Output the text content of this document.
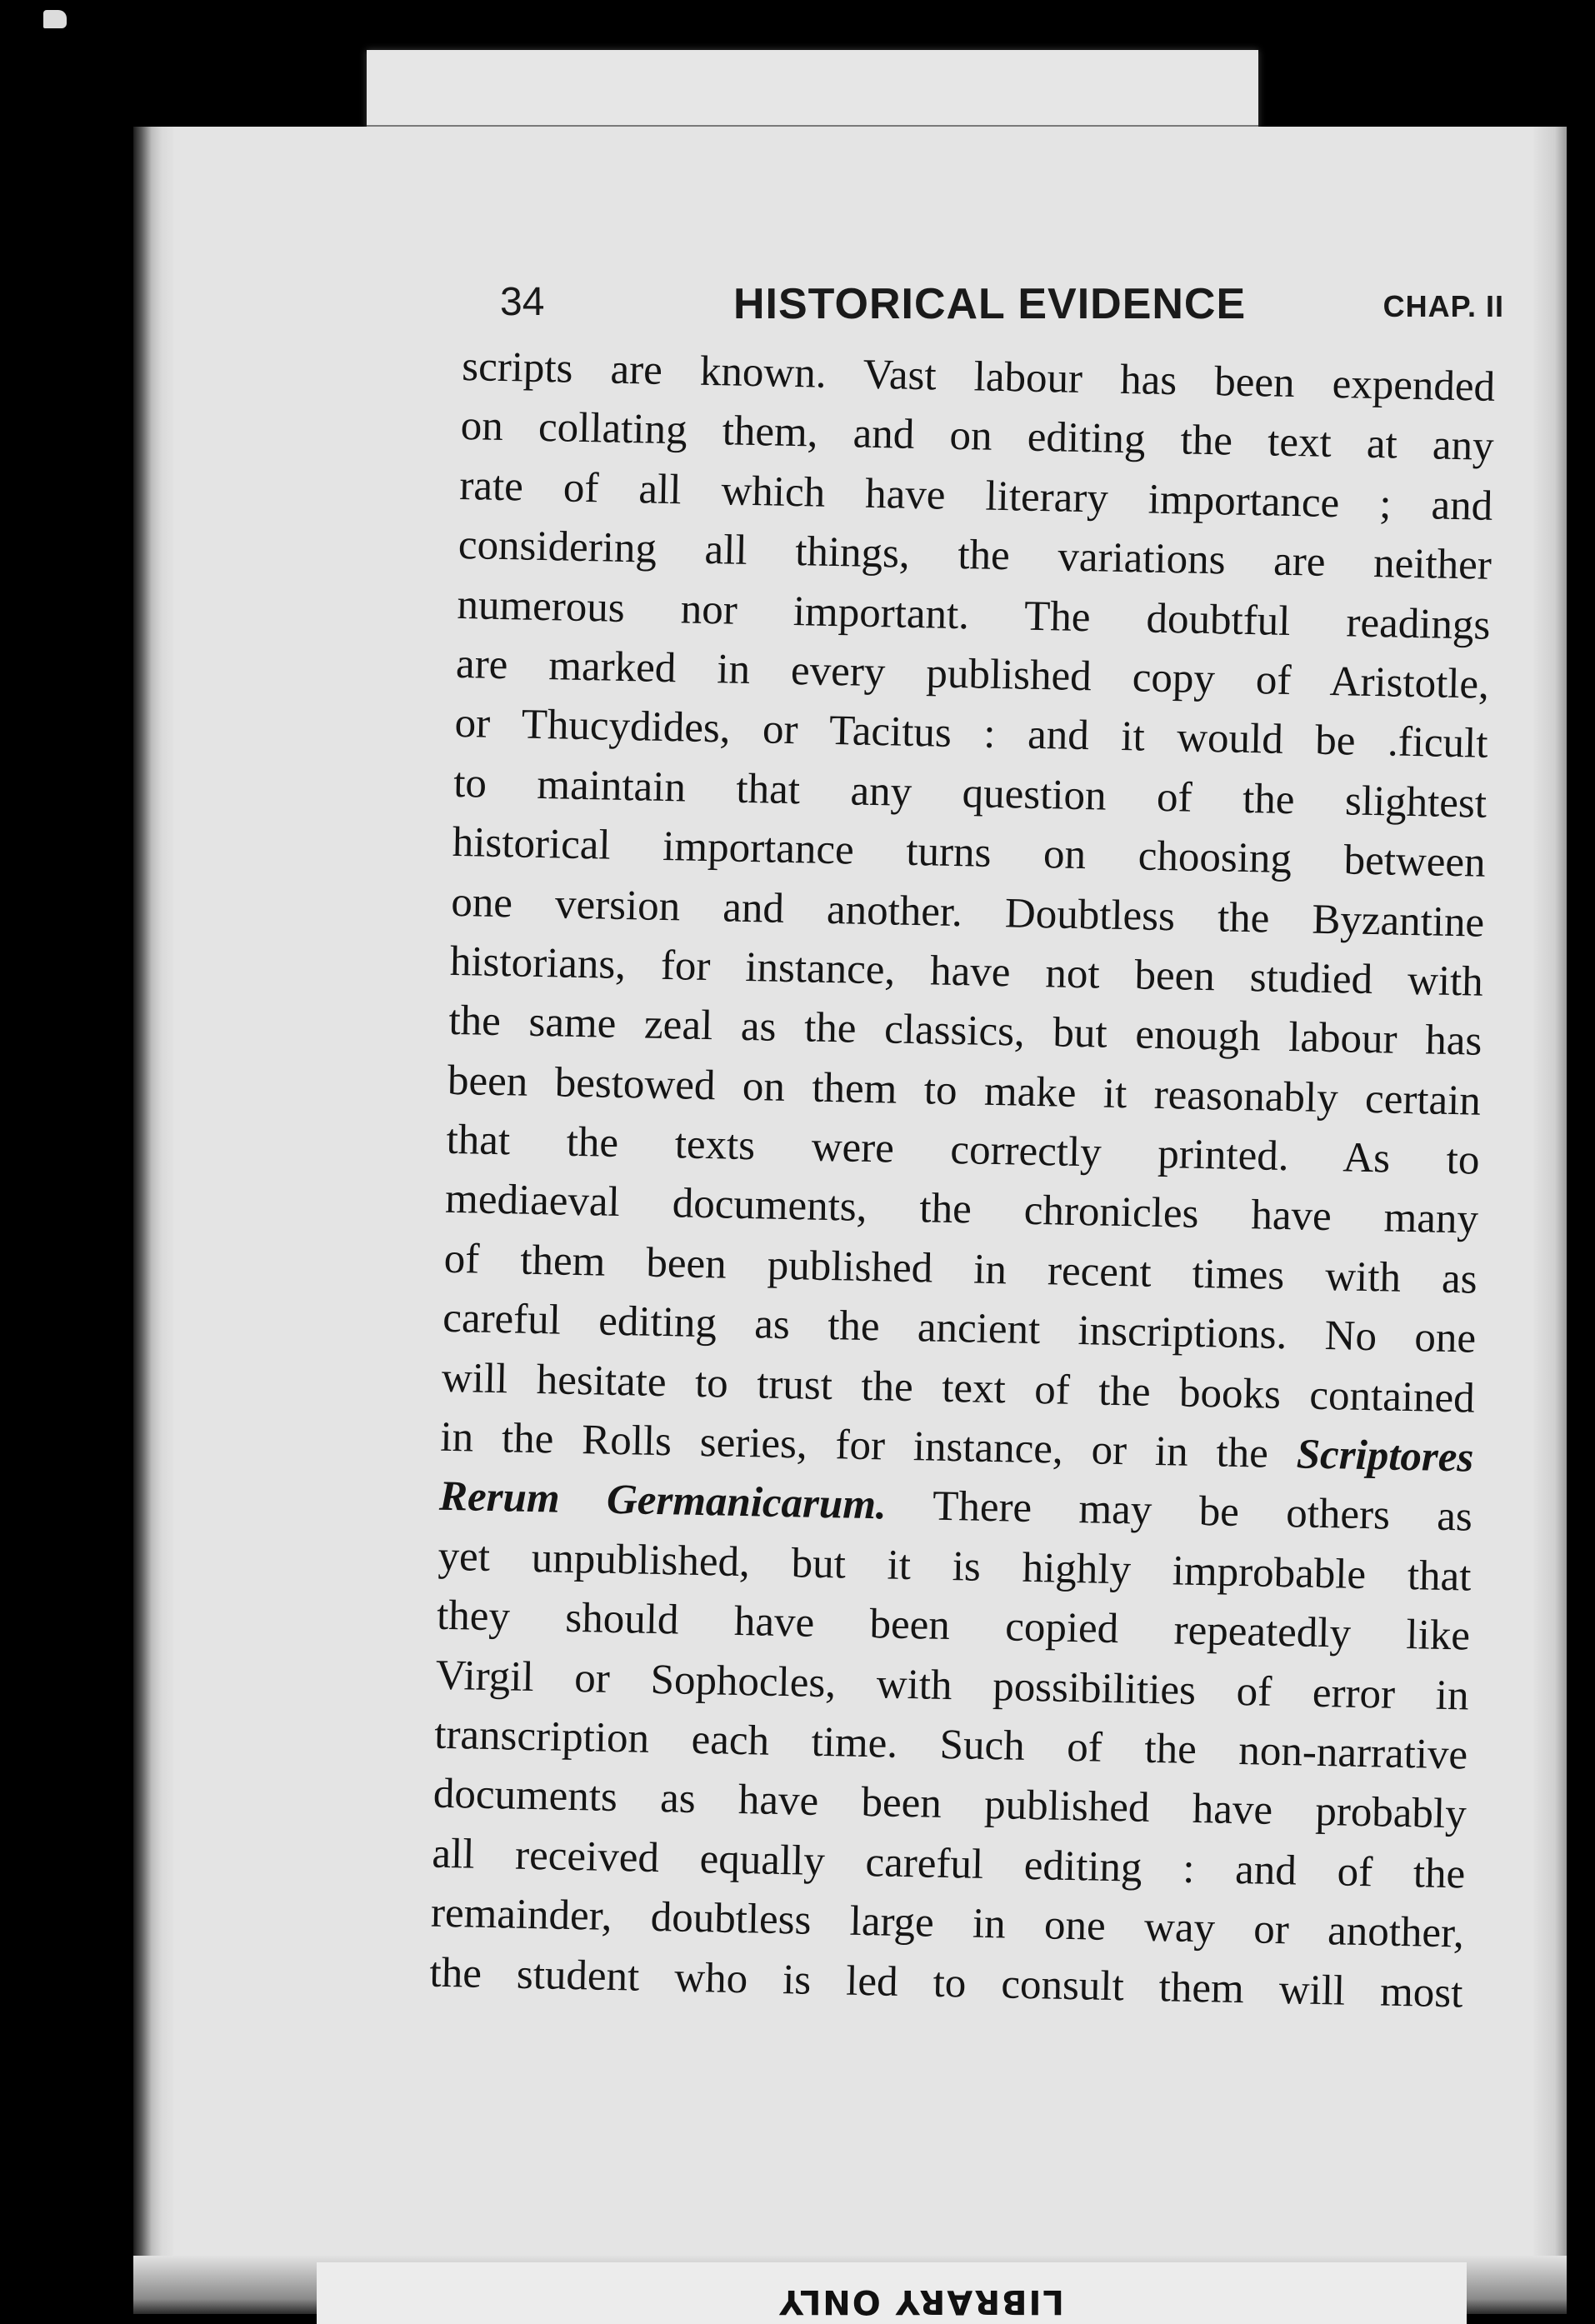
34	HISTORICAL EVIDENCE	CHAP. II
scripts are known. Vast labour has been expended
on collating them, and on editing the text at any
rate of all which have literary importance ; and
considering all things, the variations are neither
numerous nor important. The doubtful readings
are marked in every published copy of Aristotle,
or Thucydides, or Tacitus : and it would be .ficult
to maintain that any question of the slightest
historical importance turns on choosing between
one version and another. Doubtless the Byzantine
historians, for instance, have not been studied with
the same zeal as the classics, but enough labour has
been bestowed on them to make it reasonably certain
that the texts were correctly printed. As to
mediaeval documents, the chronicles have many
of them been published in recent times with as
careful editing as the ancient inscriptions. No one
will hesitate to trust the text of the books contained
in the Rolls series, for instance, or in the Scriptores
Rerum Germanicarum. There may be others as
yet unpublished, but it is highly improbable that
they should have been copied repeatedly like
Virgil or Sophocles, with possibilities of error in
transcription each time. Such of the non-narrative
documents as have been published have probably
all received equally careful editing : and of the
remainder, doubtless large in one way or another,
the student who is led to consult them will most
LIBRARY ONLY
